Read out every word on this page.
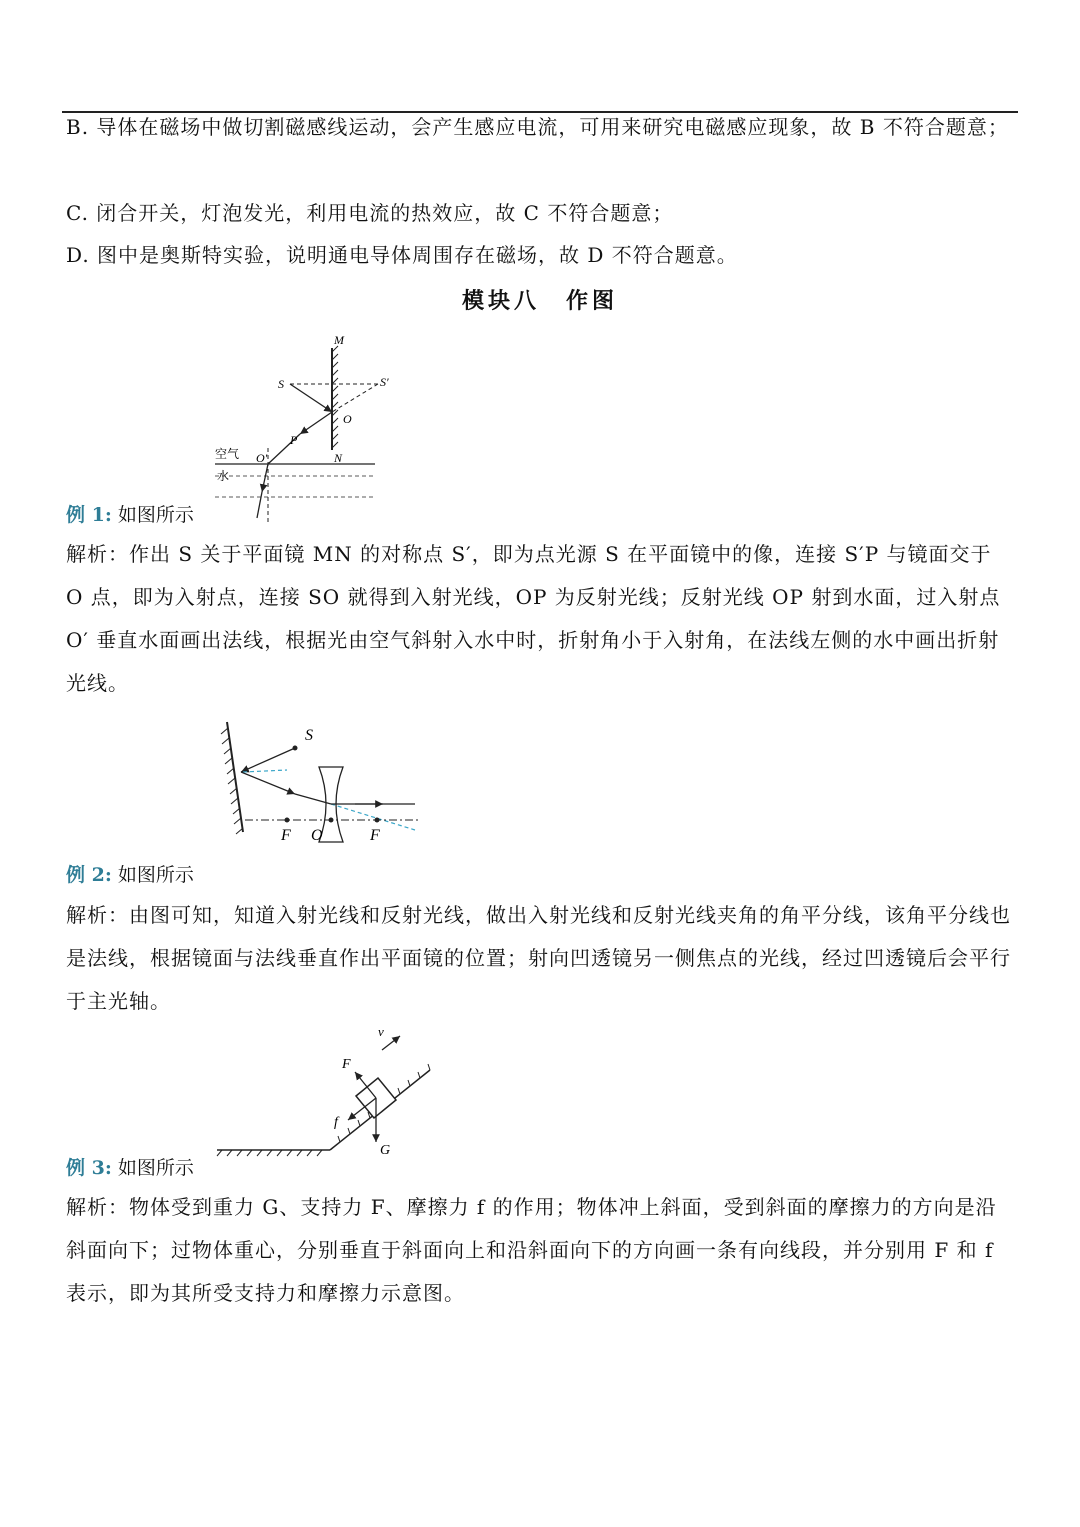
B. 导体在磁场中做切割磁感线运动，会产生感应电流，可用来研究电磁感应现象，故 B 不符合题意；
C. 闭合开关，灯泡发光，利用电流的热效应，故 C 不符合题意；
D. 图中是奥斯特实验，说明通电导体周围存在磁场，故 D 不符合题意。
模块八　作图
M
N
S	S′
O
P
O′
空气
水
例 1: 如图所示
解析：作出 S 关于平面镜 MN 的对称点 S′，即为点光源 S 在平面镜中的像，连接 S′P 与镜面交于 O 点，即为入射点，连接 SO 就得到入射光线，OP 为反射光线；反射光线 OP 射到水面，过入射点 O′ 垂直水面画出法线，根据光由空气斜射入水中时，折射角小于入射角，在法线左侧的水中画出折射光线。
S
F O	F
例 2: 如图所示
解析：由图可知，知道入射光线和反射光线，做出入射光线和反射光线夹角的角平分线，该角平分线也是法线，根据镜面与法线垂直作出平面镜的位置；射向凹透镜另一侧焦点的光线，经过凹透镜后会平行于主光轴。
v
F
f
G
例 3: 如图所示
解析：物体受到重力 G、支持力 F、摩擦力 f 的作用；物体冲上斜面，受到斜面的摩擦力的方向是沿斜面向下；过物体重心，分别垂直于斜面向上和沿斜面向下的方向画一条有向线段，并分别用 F 和 f 表示，即为其所受支持力和摩擦力示意图。
